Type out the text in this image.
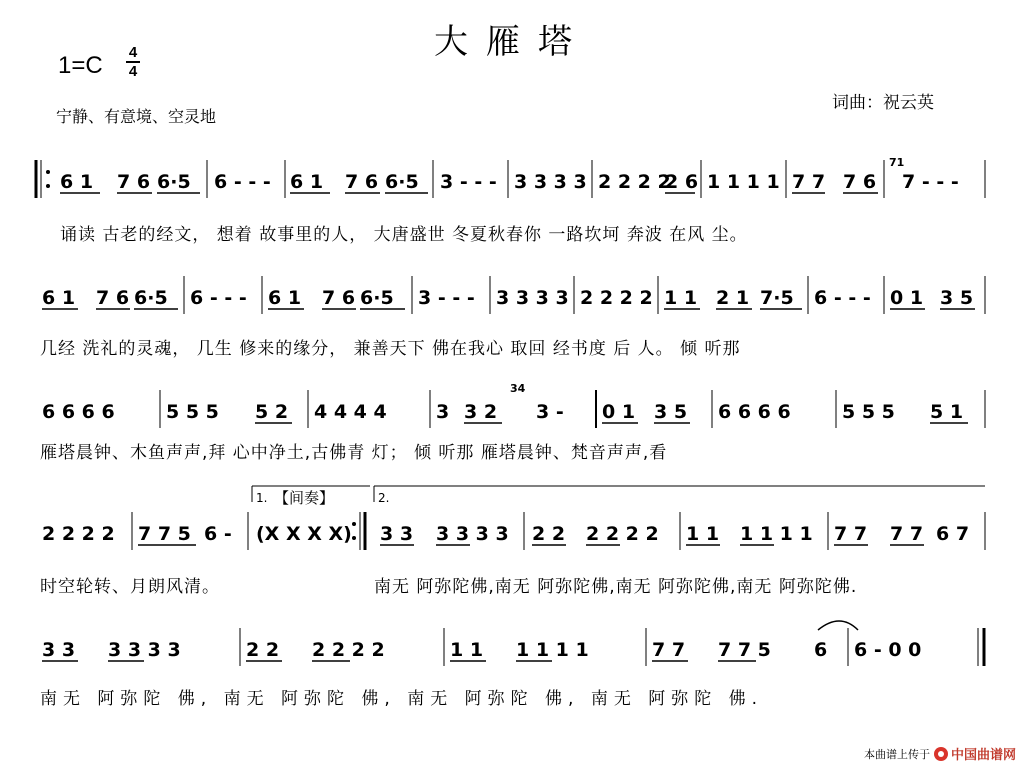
大雁塔
1=C 4
4
宁静、有意境、空灵地
词曲：祝云英
6 1 7 6 6·5 6 - - - 6 1 7 6 6·5 3 - - - 3 3 3 3 2 2 2 2
2 6 1 1 1 1 7 7 7 6
71
7 - - -
6 1 7 6 6·5 6 - - - 6 1 7 6 6·5 3 - - - 3 3 3 3 2 2 2 2 1 1 2 1 7·5 6 - - - 0 1 3 5
6 6 6 6	5 5 5 5 2 4 4 4 4	3 3 2
34
3 - 0 1 3 5 6 6 6 6	5 5 5 5 1
1. 【间奏】	2.
2 2 2 2 7 7 5 6 - (X X X X) 3 3 3 3 3 3 2 2 2 2 2 2 1 1 1 1 1 1 7 7 7 7 6 7
3 3 3 3 3 3	2 2 2 2 2 2	1 1 1 1 1 1	7 7 7 7 5 6 6 - 0 0
诵读 古老的经文， 想着 故事里的人， 大唐盛世 冬夏秋春你 一路坎坷 奔波 在风 尘。
几经 洗礼的灵魂， 几生 修来的缘分， 兼善天下 佛在我心 取回 经书度 后 人。 倾 听那
雁塔晨钟、木鱼声声,拜 心中净土,古佛青 灯； 倾 听那 雁塔晨钟、梵音声声,看
时空轮转、月朗风清。	南无 阿弥陀佛,南无 阿弥陀佛,南无 阿弥陀佛,南无 阿弥陀佛.
南无 阿弥陀 佛, 南无 阿弥陀 佛, 南无 阿弥陀 佛, 南无 阿弥陀 佛.
本曲谱上传于 中国曲谱网
